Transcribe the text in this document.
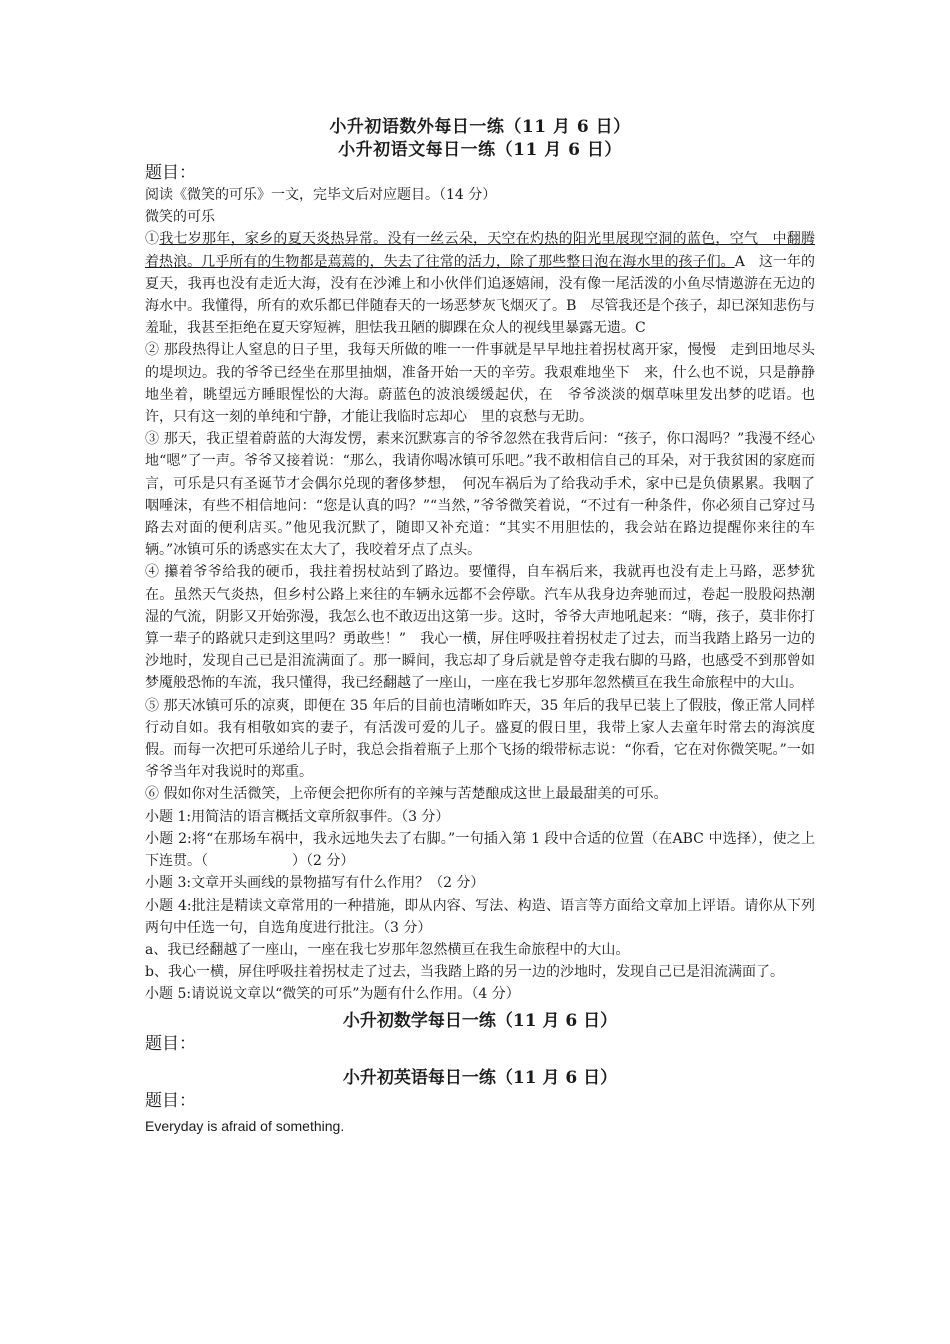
小升初语数外每日一练（11 月 6 日）

小升初语文每日一练（11 月 6 日）

题目：

阅读《微笑的可乐》一文，完毕文后对应题目。（14 分）

微笑的可乐

①我七岁那年，家乡的夏天炎热异常。没有一丝云朵，天空在灼热的阳光里展现空洞的蓝色，空气　中翻腾着热浪。几乎所有的生物都是蔫蔫的，失去了往常的活力，除了那些整日泡在海水里的孩子们。A　这一年的夏天，我再也没有走近大海，没有在沙滩上和小伙伴们追逐嬉闹，没有像一尾活泼的小鱼尽情遨游在无边的海水中。我懂得，所有的欢乐都已伴随春天的一场恶梦灰飞烟灭了。B　尽管我还是个孩子，却已深知悲伤与羞耻，我甚至拒绝在夏天穿短裤，胆怯我丑陋的脚踝在众人的视线里暴露无遗。C

② 那段热得让人窒息的日子里，我每天所做的唯一一件事就是早早地拄着拐杖离开家，慢慢　走到田地尽头的堤坝边。我的爷爷已经坐在那里抽烟，准备开始一天的辛劳。我艰难地坐下　来，什么也不说，只是静静地坐着，眺望远方睡眼惺忪的大海。蔚蓝色的波浪缓缓起伏，在　爷爷淡淡的烟草味里发出梦的呓语。也许，只有这一刻的单纯和宁静，才能让我临时忘却心　里的哀愁与无助。

③ 那天，我正望着蔚蓝的大海发愣，素来沉默寡言的爷爷忽然在我背后问：“孩子，你口渴吗？”我漫不经心地“嗯”了一声。爷爷又接着说：“那么，我请你喝冰镇可乐吧。”我不敢相信自己的耳朵，对于我贫困的家庭而言，可乐是只有圣诞节才会偶尔兑现的奢侈梦想，　何况车祸后为了给我动手术，家中已是负债累累。我咽了咽唾沫，有些不相信地问：“您是认真的吗？”“当然，”爷爷微笑着说，“不过有一种条件，你必须自己穿过马路去对面的便利店买。”他见我沉默了，随即又补充道：“其实不用胆怯的，我会站在路边提醒你来往的车辆。”冰镇可乐的诱惑实在太大了，我咬着牙点了点头。

④ 攥着爷爷给我的硬币，我拄着拐杖站到了路边。要懂得，自车祸后来，我就再也没有走上马路，恶梦犹在。虽然天气炎热，但乡村公路上来往的车辆永远都不会停歇。汽车从我身边奔驰而过，卷起一股股闷热潮湿的气流，阴影又开始弥漫，我怎么也不敢迈出这第一步。这时，爷爷大声地吼起来：“嗨，孩子，莫非你打算一辈子的路就只走到这里吗？勇敢些！”　我心一横，屏住呼吸拄着拐杖走了过去，而当我踏上路另一边的沙地时，发现自己已是泪流满面了。那一瞬间，我忘却了身后就是曾夺走我右脚的马路，也感受不到那曾如梦魇般恐怖的车流，我只懂得，我已经翻越了一座山，一座在我七岁那年忽然横亘在我生命旅程中的大山。

⑤ 那天冰镇可乐的凉爽，即便在 35 年后的目前也清晰如昨天，35 年后的我早已装上了假肢，像正常人同样行动自如。我有相敬如宾的妻子，有活泼可爱的儿子。盛夏的假日里，我带上家人去童年时常去的海滨度假。而每一次把可乐递给儿子时，我总会指着瓶子上那个飞扬的缎带标志说：“你看，它在对你微笑呢。”一如爷爷当年对我说时的郑重。

⑥ 假如你对生活微笑，上帝便会把你所有的辛辣与苦楚酿成这世上最最甜美的可乐。

小题 1:用简洁的语言概括文章所叙事件。（3 分）

小题 2:将“在那场车祸中，我永远地失去了右脚。”一句插入第 1 段中合适的位置（在ABC 中选择），使之上下连贯。（　　　　　　）（2 分）

小题 3:文章开头画线的景物描写有什么作用？（2 分）

小题 4:批注是精读文章常用的一种措施，即从内容、写法、构造、语言等方面给文章加上评语。请你从下列两句中任选一句，自选角度进行批注。（3 分）

a、我已经翻越了一座山，一座在我七岁那年忽然横亘在我生命旅程中的大山。

b、我心一横，屏住呼吸拄着拐杖走了过去，当我踏上路的另一边的沙地时，发现自己已是泪流满面了。

小题 5:请说说文章以“微笑的可乐”为题有什么作用。（4 分）

小升初数学每日一练（11 月 6 日）

题目：

小升初英语每日一练（11 月 6 日）

题目：

Everyday is afraid of something.
